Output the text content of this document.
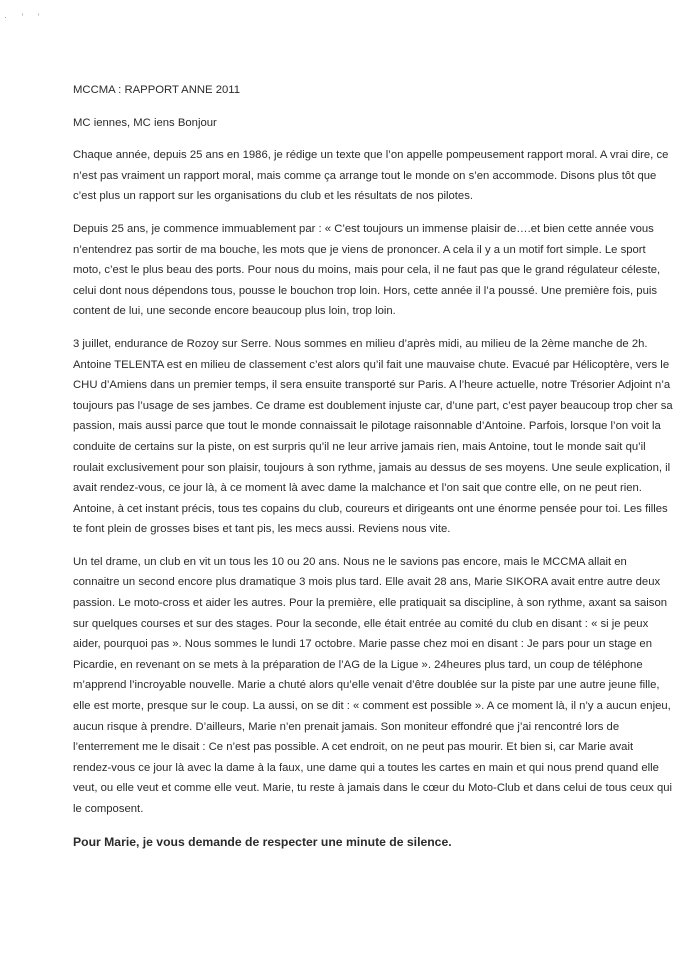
· ’ ‛

MCCMA : RAPPORT ANNE 2011

MC iennes, MC iens Bonjour

Chaque année, depuis 25 ans en 1986, je rédige un texte que l’on appelle pompeusement rapport moral. A vrai dire, ce n’est pas vraiment un rapport moral, mais comme ça arrange tout le monde on s’en accommode. Disons plus tôt que c’est plus un rapport sur les organisations du club et les résultats de nos pilotes.

Depuis 25 ans, je commence immuablement par : « C’est toujours un immense plaisir de….et bien cette année vous n’entendrez pas sortir de ma bouche, les mots que je viens de prononcer. A cela il y a un motif fort simple. Le sport moto, c’est le plus beau des ports. Pour nous du moins, mais pour cela, il ne faut pas que le grand régulateur céleste, celui dont nous dépendons tous, pousse le bouchon trop loin. Hors, cette année il l’a poussé. Une première fois, puis content de lui, une seconde encore beaucoup plus loin, trop loin.

3 juillet, endurance de Rozoy sur Serre. Nous sommes en milieu d’après midi, au milieu de la 2ème manche de 2h. Antoine TELENTA est en milieu de classement c’est alors qu’il fait une mauvaise chute. Evacué par Hélicoptère, vers le CHU d’Amiens dans un premier temps, il sera ensuite transporté sur Paris. A l’heure actuelle, notre Trésorier Adjoint n’a toujours pas l’usage de ses jambes. Ce drame est doublement injuste car, d’une part, c’est payer beaucoup trop cher sa passion, mais aussi parce que tout le monde connaissait le pilotage raisonnable d’Antoine. Parfois, lorsque l’on voit la conduite de certains sur la piste, on est surpris qu’il ne leur arrive jamais rien, mais Antoine, tout le monde sait qu’il roulait exclusivement pour son plaisir, toujours à son rythme, jamais au dessus de ses moyens. Une seule explication, il avait rendez-vous, ce jour là, à ce moment là avec dame la malchance et l’on sait que contre elle, on ne peut rien. Antoine, à cet instant précis, tous tes copains du club, coureurs et dirigeants ont une énorme pensée pour toi. Les filles te font plein de grosses bises et tant pis, les mecs aussi. Reviens nous vite.

Un tel drame, un club en vit un tous les 10 ou 20 ans. Nous ne le savions pas encore, mais le MCCMA allait en connaitre un second encore plus dramatique 3 mois plus tard. Elle avait 28 ans, Marie SIKORA avait entre autre deux passion. Le moto-cross et aider les autres. Pour la première, elle pratiquait sa discipline, à son rythme, axant sa saison sur quelques courses et sur des stages. Pour la seconde, elle était entrée au comité du club en disant : « si je peux aider, pourquoi pas ». Nous sommes le lundi 17 octobre. Marie passe chez moi en disant : Je pars pour un stage en Picardie, en revenant on se mets à la préparation de l’AG de la Ligue ». 24heures plus tard, un coup de téléphone m’apprend l’incroyable nouvelle. Marie a chuté alors qu’elle venait d’être doublée sur la piste par une autre jeune fille, elle est morte, presque sur le coup. La aussi, on se dit : « comment est possible ». A ce moment là, il n’y a aucun enjeu, aucun risque à prendre. D’ailleurs, Marie n’en prenait jamais. Son moniteur effondré que j’ai rencontré lors de l’enterrement me le disait : Ce n’est pas possible. A cet endroit, on ne peut pas mourir. Et bien si, car Marie avait rendez-vous ce jour là avec la dame à la faux, une dame qui a toutes les cartes en main et qui nous prend quand elle veut, ou elle veut et comme elle veut. Marie, tu reste à jamais dans le cœur du Moto-Club et dans celui de tous ceux qui le composent.

Pour Marie, je vous demande de respecter une minute de silence.
